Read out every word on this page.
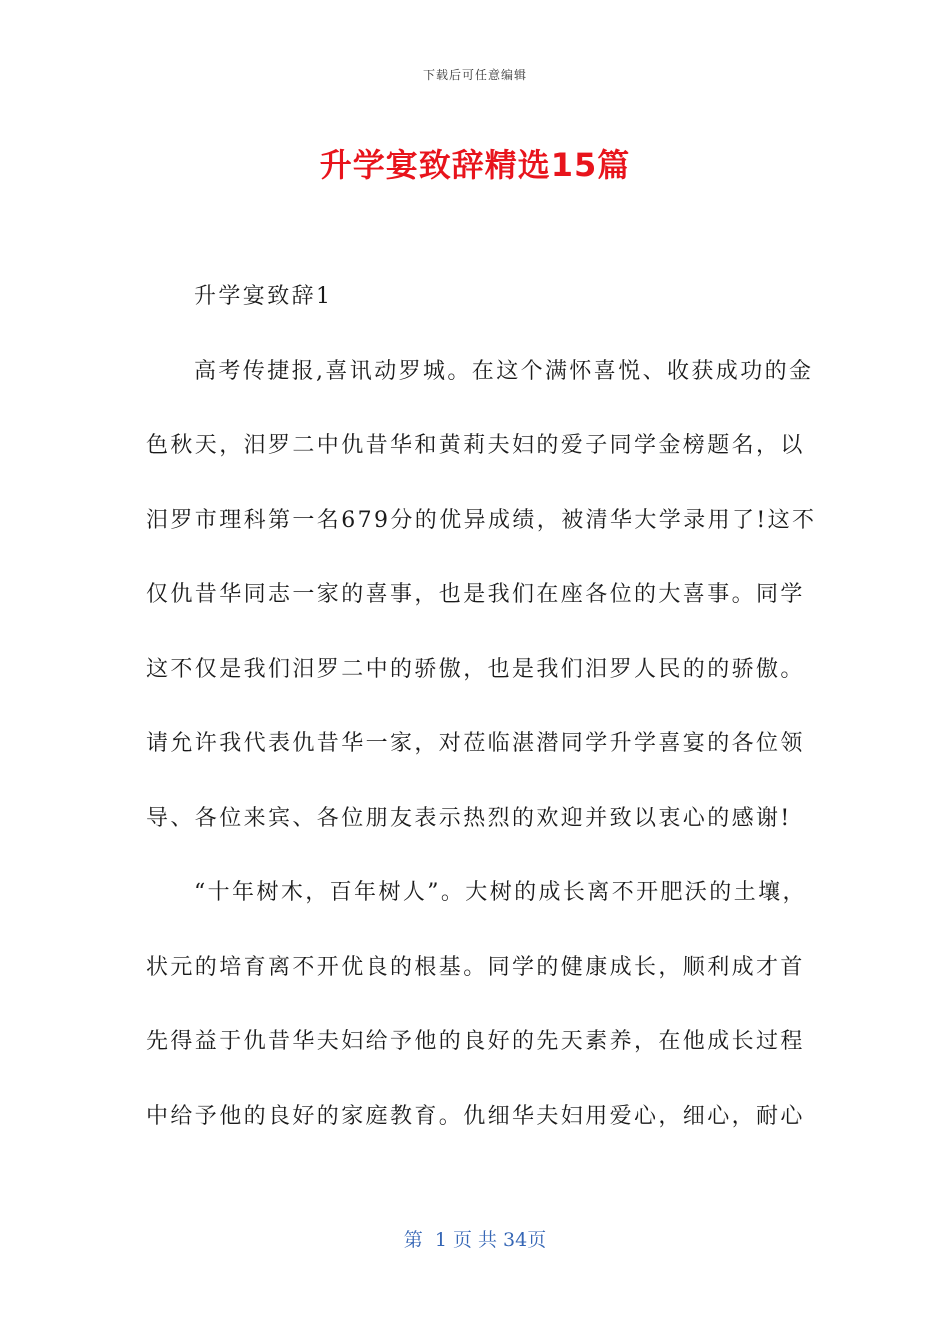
下载后可任意编辑
升学宴致辞精选15篇
升学宴致辞1
高考传捷报,喜讯动罗城。在这个满怀喜悦、收获成功的金
色秋天，汨罗二中仇昔华和黄莉夫妇的爱子同学金榜题名，以
汨罗市理科第一名679分的优异成绩，被清华大学录用了!这不
仅仇昔华同志一家的喜事，也是我们在座各位的大喜事。同学
这不仅是我们汨罗二中的骄傲，也是我们汨罗人民的的骄傲。
请允许我代表仇昔华一家，对莅临湛潜同学升学喜宴的各位领
导、各位来宾、各位朋友表示热烈的欢迎并致以衷心的感谢!
“十年树木，百年树人”。大树的成长离不开肥沃的土壤，
状元的培育离不开优良的根基。同学的健康成长，顺利成才首
先得益于仇昔华夫妇给予他的良好的先天素养，在他成长过程
中给予他的良好的家庭教育。仇细华夫妇用爱心，细心，耐心
第  1 页 共 34页
